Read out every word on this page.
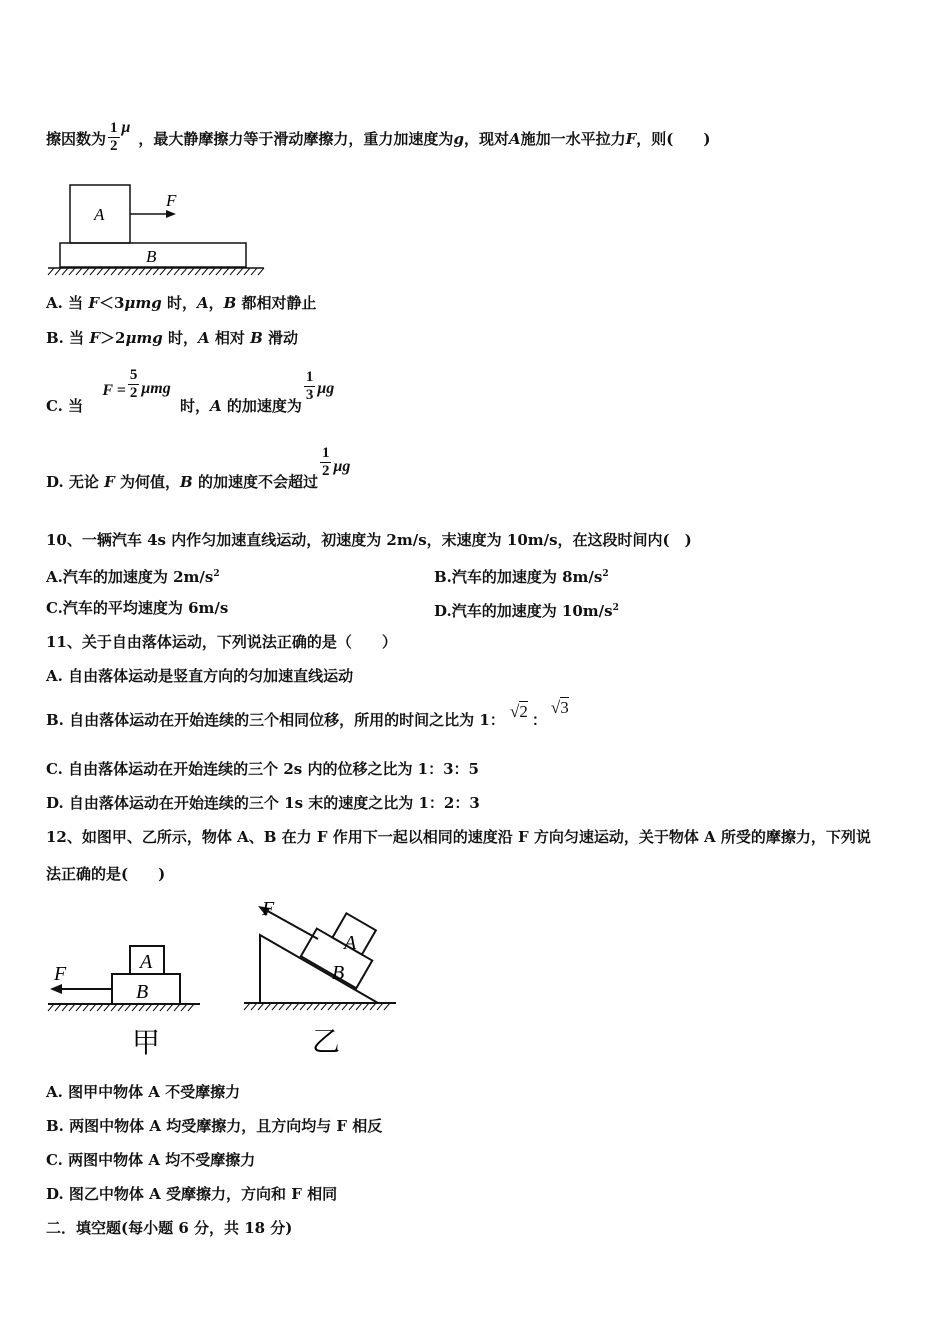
擦因数为 $\frac{1}{2}$ μ，最大静摩擦力等于滑动摩擦力，重力加速度为g，现对A施加一水平拉力F，则(　　)
A
B
F
A. 当 F＜3μmg 时，A，B 都相对静止
B. 当 F＞2μmg 时，A 相对 B 滑动
C. 当 $F = \frac{5}{2}$ μmg 时，A 的加速度为
$\frac{1}{3}$ μg
D. 无论 F 为何值，B 的加速度不会超过
$\frac{1}{2}$ μg
10、一辆汽车 4s 内作匀加速直线运动，初速度为 2m/s，末速度为 10m/s，在这段时间内(　)
A.汽车的加速度为 $2m/s^2$	B.汽车的加速度为 $8m/s^2$
C.汽车的平均速度为 6m/s	D.汽车的加速度为 $10m/s^2$
11、关于自由落体运动，下列说法正确的是（　　）
A. 自由落体运动是竖直方向的匀加速直线运动
B. 自由落体运动在开始连续的三个相同位移，所用的时间之比为 1： √2 ：√3
C. 自由落体运动在开始连续的三个 2s 内的位移之比为 1：3：5
D. 自由落体运动在开始连续的三个 1s 末的速度之比为 1：2：3
12、如图甲、乙所示，物体 A、B 在力 F 作用下一起以相同的速度沿 F 方向匀速运动，关于物体 A 所受的摩擦力，下列说
法正确的是(　　)
A
B
F
甲
A
B
F
乙
A. 图甲中物体 A 不受摩擦力
B. 两图中物体 A 均受摩擦力，且方向均与 F 相反
C. 两图中物体 A 均不受摩擦力
D. 图乙中物体 A 受摩擦力，方向和 F 相同
二．填空题(每小题 6 分，共 18 分)
